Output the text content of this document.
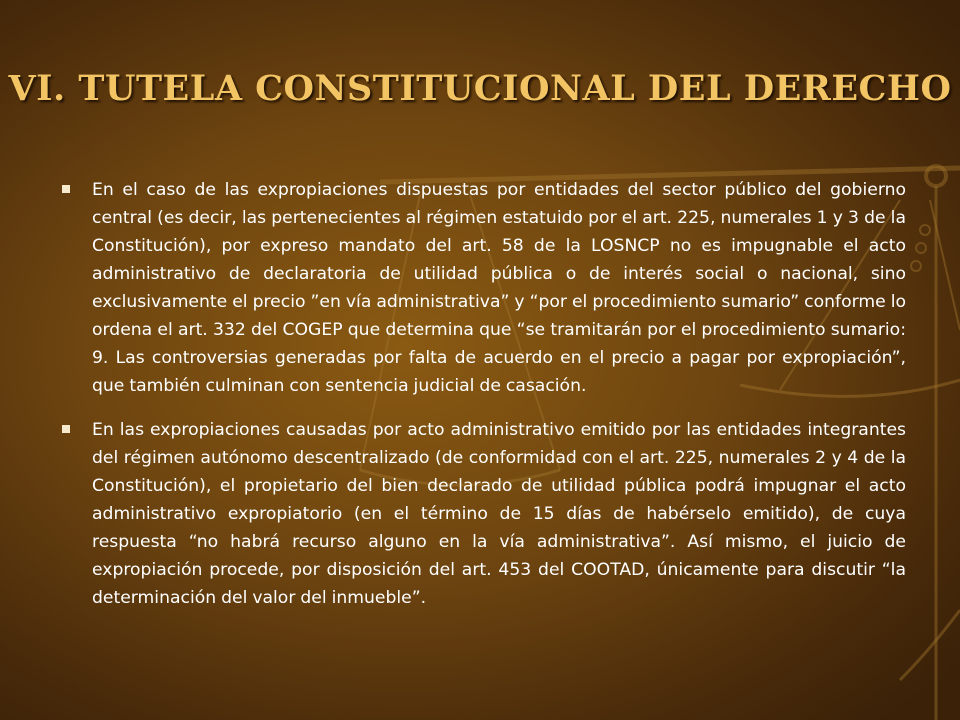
VI. TUTELA CONSTITUCIONAL DEL DERECHO
En el caso de las expropiaciones dispuestas por entidades del sector público del gobierno central (es decir, las pertenecientes al régimen estatuido por el art. 225, numerales 1 y 3 de la Constitución), por expreso mandato del art. 58 de la LOSNCP no es impugnable el acto administrativo de declaratoria de utilidad pública o de interés social o nacional, sino exclusivamente el precio ”en vía administrativa” y “por el procedimiento sumario” conforme lo ordena el art. 332 del COGEP que determina que “se tramitarán por el procedimiento sumario: 9. Las controversias generadas por falta de acuerdo en el precio a pagar por expropiación”, que también culminan con sentencia judicial de casación.
En las expropiaciones causadas por acto administrativo emitido por las entidades integrantes del régimen autónomo descentralizado (de conformidad con el art. 225, numerales 2 y 4 de la Constitución), el propietario del bien declarado de utilidad pública podrá impugnar el acto administrativo expropiatorio (en el término de 15 días de habérselo emitido), de cuya respuesta “no habrá recurso alguno en la vía administrativa”. Así mismo, el juicio de expropiación procede, por disposición del art. 453 del COOTAD, únicamente para discutir “la determinación del valor del inmueble”.
